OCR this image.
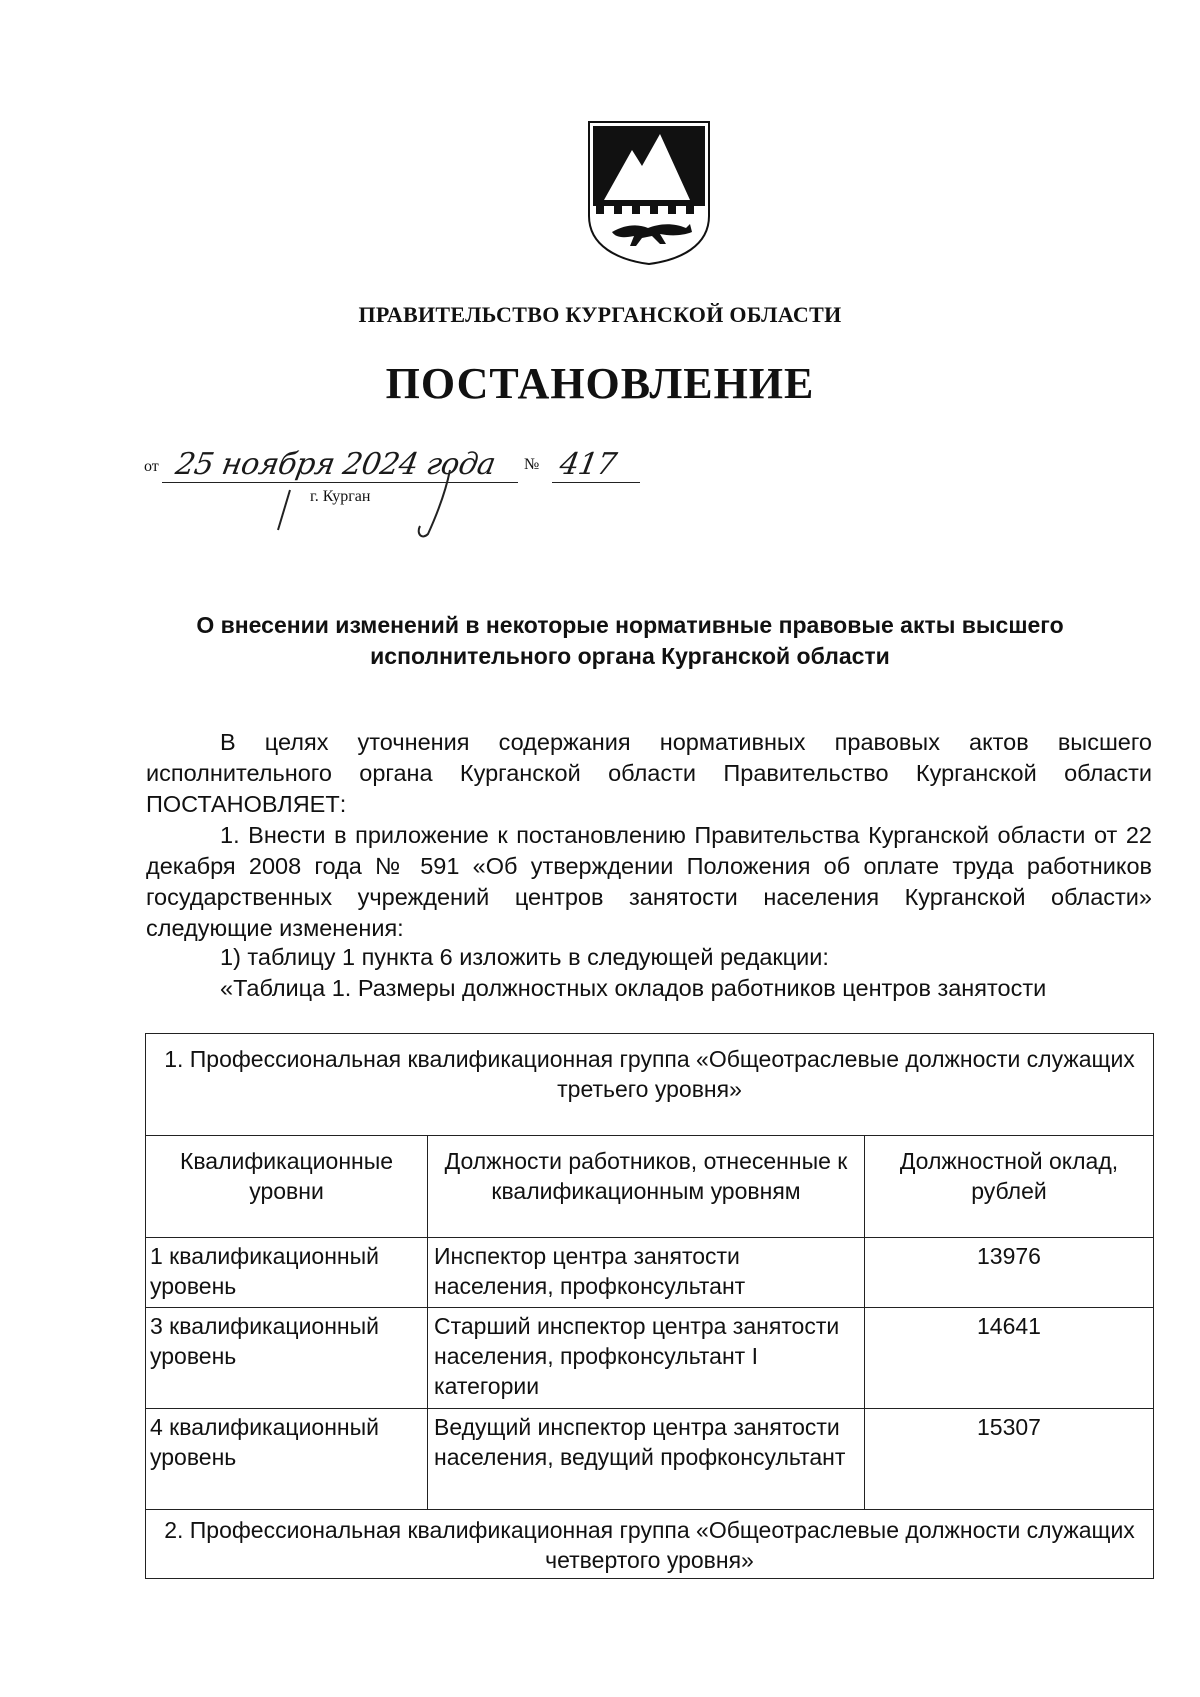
ПРАВИТЕЛЬСТВО КУРГАНСКОЙ ОБЛАСТИ
ПОСТАНОВЛЕНИЕ
от 25 ноября 2024 года № 417
г. Курган
О внесении изменений в некоторые нормативные правовые акты высшего исполнительного органа Курганской области
В целях уточнения содержания нормативных правовых актов высшего исполнительного органа Курганской области Правительство Курганской области ПОСТАНОВЛЯЕТ:
1. Внести в приложение к постановлению Правительства Курганской области от 22 декабря 2008 года № 591 «Об утверждении Положения об оплате труда работников государственных учреждений центров занятости населения Курганской области» следующие изменения:
1) таблицу 1 пункта 6 изложить в следующей редакции:
«Таблица 1. Размеры должностных окладов работников центров занятости
1. Профессиональная квалификационная группа «Общеотраслевые должности служащих третьего уровня»		
Квалификационные уровни	Должности работников, отнесенные к квалификационным уровням	Должностной оклад, рублей
1 квалификационный уровень	Инспектор центра занятости населения, профконсультант	13976
3 квалификационный уровень	Старший инспектор центра занятости населения, профконсультант I категории	14641
4 квалификационный уровень	Ведущий инспектор центра занятости населения, ведущий профконсультант	15307
2. Профессиональная квалификационная группа «Общеотраслевые должности служащих четвертого уровня»		
